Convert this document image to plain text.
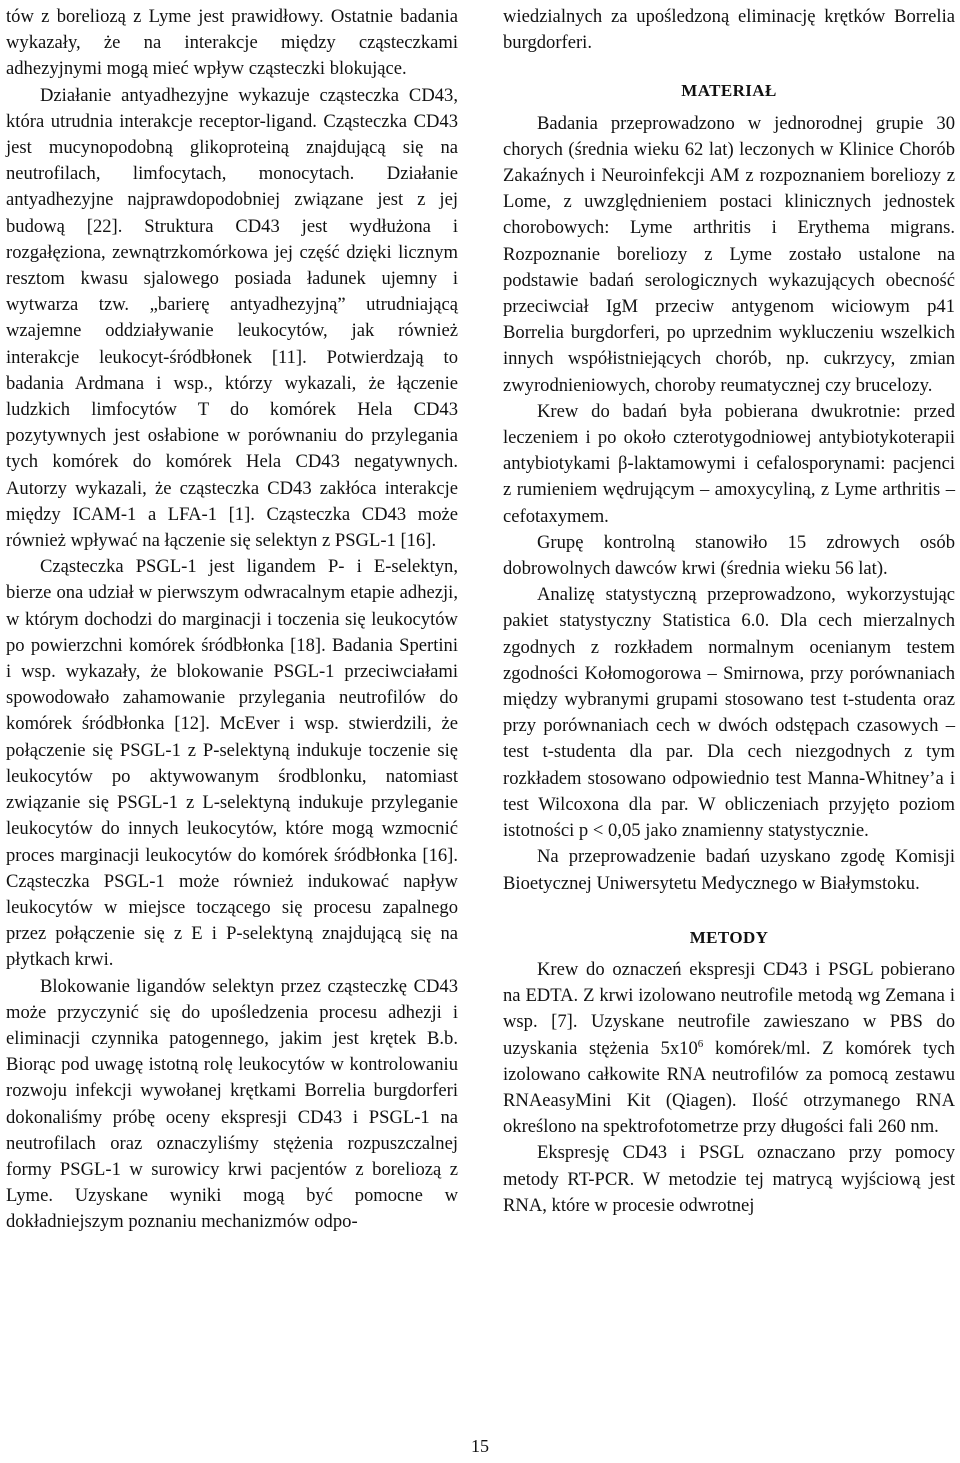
tów z boreliozą z Lyme jest prawidłowy. Ostatnie badania wykazały, że na interakcje między cząsteczkami adhezyjnymi mogą mieć wpływ cząsteczki blokujące.

Działanie antyadhezyjne wykazuje cząsteczka CD43, która utrudnia interakcje receptor-ligand. Cząsteczka CD43 jest mucynopodobną glikoproteiną znajdującą się na neutrofilach, limfocytach, monocytach. Działanie antyadhezyjne najprawdopodobniej związane jest z jej budową [22]. Struktura CD43 jest wydłużona i rozgałęziona, zewnątrzkomórkowa jej część dzięki licznym resztom kwasu sjalowego posiada ładunek ujemny i wytwarza tzw. „barierę antyadhezyjną” utrudniającą wzajemne oddziaływanie leukocytów, jak również interakcje leukocyt-śródbłonek [11]. Potwierdzają to badania Ardmana i wsp., którzy wykazali, że łączenie ludzkich limfocytów T do komórek Hela CD43 pozytywnych jest osłabione w porównaniu do przylegania tych komórek do komórek Hela CD43 negatywnych. Autorzy wykazali, że cząsteczka CD43 zakłóca interakcje między ICAM-1 a LFA-1 [1]. Cząsteczka CD43 może również wpływać na łączenie się selektyn z PSGL-1 [16].

Cząsteczka PSGL-1 jest ligandem P- i E-selektyn, bierze ona udział w pierwszym odwracalnym etapie adhezji, w którym dochodzi do marginacji i toczenia się leukocytów po powierzchni komórek śródbłonka [18]. Badania Spertini i wsp. wykazały, że blokowanie PSGL-1 przeciwciałami spowodowało zahamowanie przylegania neutrofilów do komórek śródbłonka [12]. McEver i wsp. stwierdzili, że połączenie się PSGL-1 z P-selektyną indukuje toczenie się leukocytów po aktywowanym środblonku, natomiast związanie się PSGL-1 z L-selektyną indukuje przyleganie leukocytów do innych leukocytów, które mogą wzmocnić proces marginacji leukocytów do komórek śródbłonka [16]. Cząsteczka PSGL-1 może również indukować napływ leukocytów w miejsce toczącego się procesu zapalnego przez połączenie się z E i P-selektyną znajdującą się na płytkach krwi.

Blokowanie ligandów selektyn przez cząsteczkę CD43 może przyczynić się do upośledzenia procesu adhezji i eliminacji czynnika patogennego, jakim jest krętek B.b. Biorąc pod uwagę istotną rolę leukocytów w kontrolowaniu rozwoju infekcji wywołanej krętkami Borrelia burgdorferi dokonaliśmy próbę oceny ekspresji CD43 i PSGL-1 na neutrofilach oraz oznaczyliśmy stężenia rozpuszczalnej formy PSGL-1 w surowicy krwi pacjentów z boreliozą z Lyme. Uzyskane wyniki mogą być pomocne w dokładniejszym poznaniu mechanizmów odpo-

wiedzialnych za upośledzoną eliminację krętków Borrelia burgdorferi.

MATERIAŁ

Badania przeprowadzono w jednorodnej grupie 30 chorych (średnia wieku 62 lat) leczonych w Klinice Chorób Zakaźnych i Neuroinfekcji AM z rozpoznaniem boreliozy z Lome, z uwzględnieniem postaci klinicznych jednostek chorobowych: Lyme arthritis i Erythema migrans. Rozpoznanie boreliozy z Lyme zostało ustalone na podstawie badań serologicznych wykazujących obecność przeciwciał IgM przeciw antygenom wiciowym p41 Borrelia burgdorferi, po uprzednim wykluczeniu wszelkich innych współistniejących chorób, np. cukrzycy, zmian zwyrodnieniowych, choroby reumatycznej czy brucelozy.

Krew do badań była pobierana dwukrotnie: przed leczeniem i po około czterotygodniowej antybiotykoterapii antybiotykami β-laktamowymi i cefalosporynami: pacjenci z rumieniem wędrującym – amoxycyliną, z Lyme arthritis – cefotaxymem.

Grupę kontrolną stanowiło 15 zdrowych osób dobrowolnych dawców krwi (średnia wieku 56 lat).

Analizę statystyczną przeprowadzono, wykorzystując pakiet statystyczny Statistica 6.0. Dla cech mierzalnych zgodnych z rozkładem normalnym ocenianym testem zgodności Kołomogorowa – Smirnowa, przy porównaniach między wybranymi grupami stosowano test t-studenta oraz przy porównaniach cech w dwóch odstępach czasowych – test t-studenta dla par. Dla cech niezgodnych z tym rozkładem stosowano odpowiednio test Manna-Whitney’a i test Wilcoxona dla par. W obliczeniach przyjęto poziom istotności p < 0,05 jako znamienny statystycznie.

Na przeprowadzenie badań uzyskano zgodę Komisji Bioetycznej Uniwersytetu Medycznego w Białymstoku.

METODY

Krew do oznaczeń ekspresji CD43 i PSGL pobierano na EDTA. Z krwi izolowano neutrofile metodą wg Zemana i wsp. [7]. Uzyskane neutrofile zawieszano w PBS do uzyskania stężenia $5x10^6$ komórek/ml. Z komórek tych izolowano całkowite RNA neutrofilów za pomocą zestawu RNAeasyMini Kit (Qiagen). Ilość otrzymanego RNA określono na spektrofotometrze przy długości fali 260 nm.

Ekspresję CD43 i PSGL oznaczano przy pomocy metody RT-PCR. W metodzie tej matrycą wyjściową jest RNA, które w procesie odwrotnej

15
